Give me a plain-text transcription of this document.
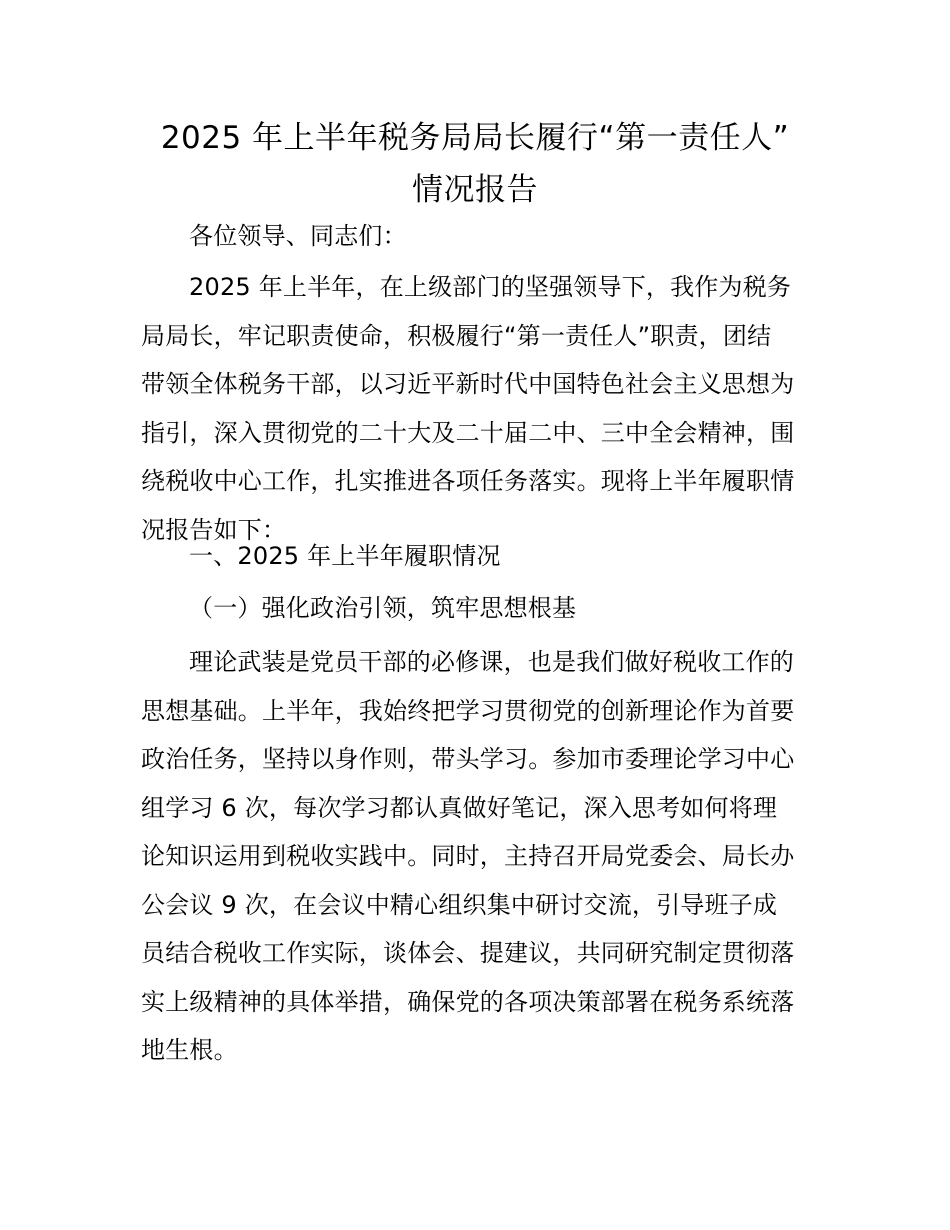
2025 年上半年税务局局长履行“第一责任人”
情况报告
各位领导、同志们：
2025 年上半年，在上级部门的坚强领导下，我作为税务
局局长，牢记职责使命，积极履行“第一责任人”职责，团结
带领全体税务干部，以习近平新时代中国特色社会主义思想为
指引，深入贯彻党的二十大及二十届二中、三中全会精神，围
绕税收中心工作，扎实推进各项任务落实。现将上半年履职情
况报告如下：
一、2025 年上半年履职情况
（一）强化政治引领，筑牢思想根基
理论武装是党员干部的必修课，也是我们做好税收工作的
思想基础。上半年，我始终把学习贯彻党的创新理论作为首要
政治任务，坚持以身作则，带头学习。参加市委理论学习中心
组学习 6 次，每次学习都认真做好笔记，深入思考如何将理
论知识运用到税收实践中。同时，主持召开局党委会、局长办
公会议 9 次，在会议中精心组织集中研讨交流，引导班子成
员结合税收工作实际，谈体会、提建议，共同研究制定贯彻落
实上级精神的具体举措，确保党的各项决策部署在税务系统落
地生根。
